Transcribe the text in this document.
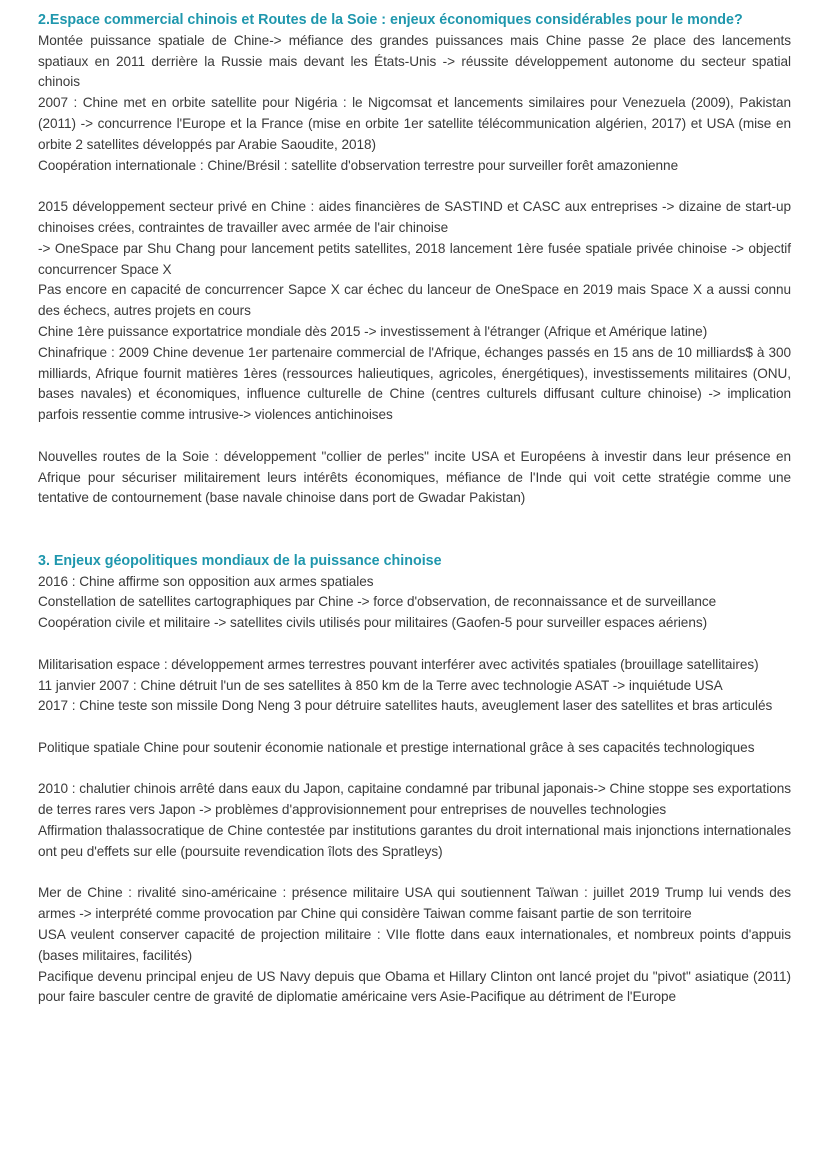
2.Espace commercial chinois et Routes de la Soie : enjeux économiques considérables pour le monde?

Montée puissance spatiale de Chine-> méfiance des grandes puissances mais Chine passe 2e place des lancements spatiaux en 2011 derrière la Russie mais devant les États-Unis -> réussite développement autonome du secteur spatial chinois

2007 : Chine met en orbite satellite pour Nigéria : le Nigcomsat et lancements similaires pour Venezuela (2009), Pakistan (2011) -> concurrence l'Europe et la France (mise en orbite 1er satellite télécommunication algérien, 2017) et USA (mise en orbite 2 satellites développés par Arabie Saoudite, 2018)

Coopération internationale : Chine/Brésil : satellite d'observation terrestre pour surveiller forêt amazonienne

2015 développement secteur privé en Chine : aides financières de SASTIND et CASC aux entreprises -> dizaine de start-up chinoises crées, contraintes de travailler avec armée de l'air chinoise

-> OneSpace par Shu Chang pour lancement petits satellites, 2018 lancement 1ère fusée spatiale privée chinoise -> objectif concurrencer Space X

Pas encore en capacité de concurrencer Sapce X car échec du lanceur de OneSpace en 2019 mais Space X a aussi connu des échecs, autres projets en cours

Chine 1ère puissance exportatrice mondiale dès 2015 -> investissement à l'étranger (Afrique et Amérique latine)

Chinafrique : 2009 Chine devenue 1er partenaire commercial de l'Afrique, échanges passés en 15 ans de 10 milliards$ à 300 milliards, Afrique fournit matières 1ères (ressources halieutiques, agricoles, énergétiques), investissements militaires (ONU, bases navales) et économiques, influence culturelle de Chine (centres culturels diffusant culture chinoise) -> implication parfois ressentie comme intrusive-> violences antichinoises

Nouvelles routes de la Soie : développement "collier de perles" incite USA et Européens à investir dans leur présence en Afrique pour sécuriser militairement leurs intérêts économiques, méfiance de l'Inde qui voit cette stratégie comme une tentative de contournement (base navale chinoise dans port de Gwadar Pakistan)

3. Enjeux géopolitiques mondiaux de la puissance chinoise

2016 : Chine affirme son opposition aux armes spatiales

Constellation de satellites cartographiques par Chine -> force d'observation, de reconnaissance et de surveillance

Coopération civile et militaire -> satellites civils utilisés pour militaires (Gaofen-5 pour surveiller espaces aériens)

Militarisation espace : développement armes terrestres pouvant interférer avec activités spatiales (brouillage satellitaires)

11 janvier 2007 : Chine détruit l'un de ses satellites à 850 km de la Terre avec technologie ASAT -> inquiétude USA

2017 : Chine teste son missile Dong Neng 3 pour détruire satellites hauts, aveuglement laser des satellites et bras articulés

Politique spatiale Chine pour soutenir économie nationale et prestige international grâce à ses capacités technologiques

2010 : chalutier chinois arrêté dans eaux du Japon, capitaine condamné par tribunal japonais-> Chine stoppe ses exportations de terres rares vers Japon -> problèmes d'approvisionnement pour entreprises de nouvelles technologies

Affirmation thalassocratique de Chine contestée par institutions garantes du droit international mais injonctions internationales ont peu d'effets sur elle (poursuite revendication îlots des Spratleys)

Mer de Chine : rivalité sino-américaine : présence militaire USA qui soutiennent Taïwan : juillet 2019 Trump lui vends des armes -> interprété comme provocation par Chine qui considère Taiwan comme faisant partie de son territoire

USA veulent conserver capacité de projection militaire : VIIe flotte dans eaux internationales, et nombreux points d'appuis (bases militaires, facilités)

Pacifique devenu principal enjeu de US Navy depuis que Obama et Hillary Clinton ont lancé projet du "pivot" asiatique (2011) pour faire basculer centre de gravité de diplomatie américaine vers Asie-Pacifique au détriment de l'Europe
